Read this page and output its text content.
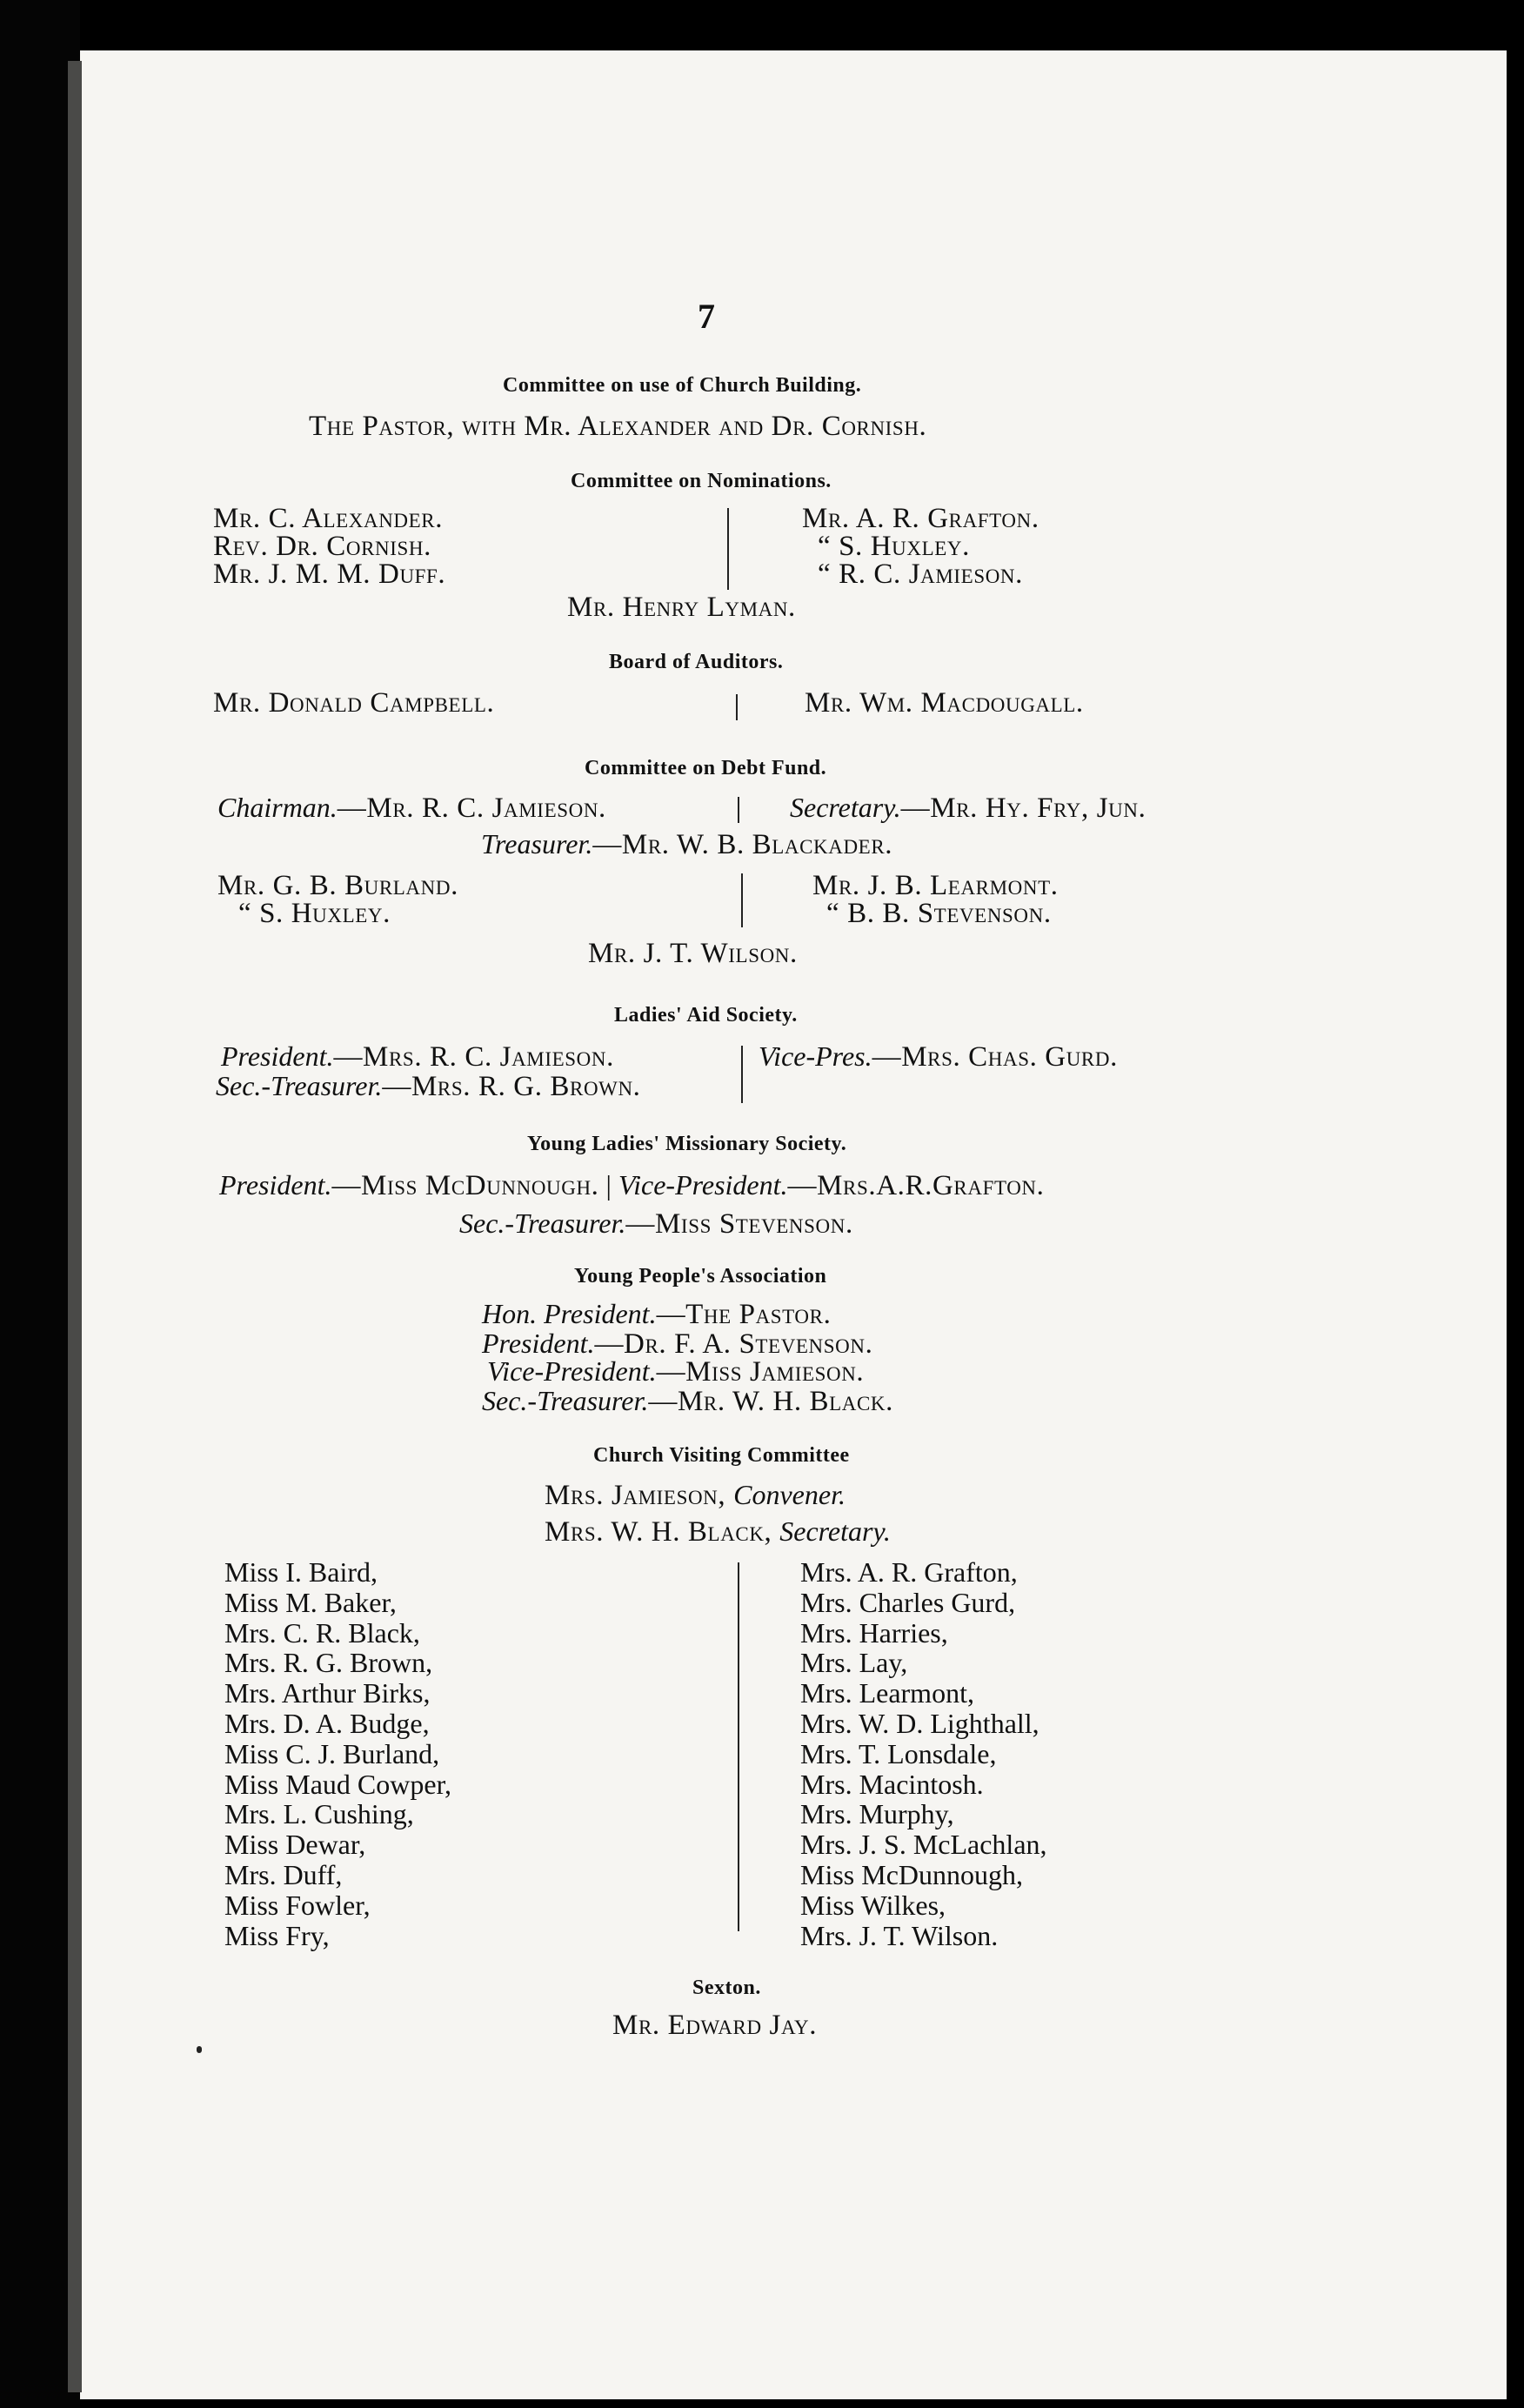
7
Committee on use of Church Building.
The Pastor, with Mr. Alexander and Dr. Cornish.
Committee on Nominations.
Mr. C. Alexander.
Rev. Dr. Cornish.
Mr. J. M. M. Duff.
Mr. A. R. Grafton.
“ S. Huxley.
“ R. C. Jamieson.
Mr. Henry Lyman.
Board of Auditors.
Mr. Donald Campbell.	Mr. Wm. Macdougall.
Committee on Debt Fund.
Chairman.—Mr. R. C. Jamieson.	Secretary.—Mr. Hy. Fry, Jun.
Treasurer.—Mr. W. B. Blackader.
Mr. G. B. Burland.
“ S. Huxley.
Mr. J. B. Learmont.
“ B. B. Stevenson.
Mr. J. T. Wilson.
Ladies' Aid Society.
President.—Mrs. R. C. Jamieson.
Sec.-Treasurer.—Mrs. R. G. Brown.
Vice-Pres.—Mrs. Chas. Gurd.
Young Ladies' Missionary Society.
President.—Miss McDunnough. | Vice-President.—Mrs.A.R.Grafton.
Sec.-Treasurer.—Miss Stevenson.
Young People's Association
Hon. President.—The Pastor.
President.—Dr. F. A. Stevenson.
Vice-President.—Miss Jamieson.
Sec.-Treasurer.—Mr. W. H. Black.
Church Visiting Committee
Mrs. Jamieson, Convener.
Mrs. W. H. Black, Secretary.
Miss I. Baird,
Miss M. Baker,
Mrs. C. R. Black,
Mrs. R. G. Brown,
Mrs. Arthur Birks,
Mrs. D. A. Budge,
Miss C. J. Burland,
Miss Maud Cowper,
Mrs. L. Cushing,
Miss Dewar,
Mrs. Duff,
Miss Fowler,
Miss Fry,
Mrs. A. R. Grafton,
Mrs. Charles Gurd,
Mrs. Harries,
Mrs. Lay,
Mrs. Learmont,
Mrs. W. D. Lighthall,
Mrs. T. Lonsdale,
Mrs. Macintosh.
Mrs. Murphy,
Mrs. J. S. McLachlan,
Miss McDunnough,
Miss Wilkes,
Mrs. J. T. Wilson.
Sexton.
Mr. Edward Jay.
